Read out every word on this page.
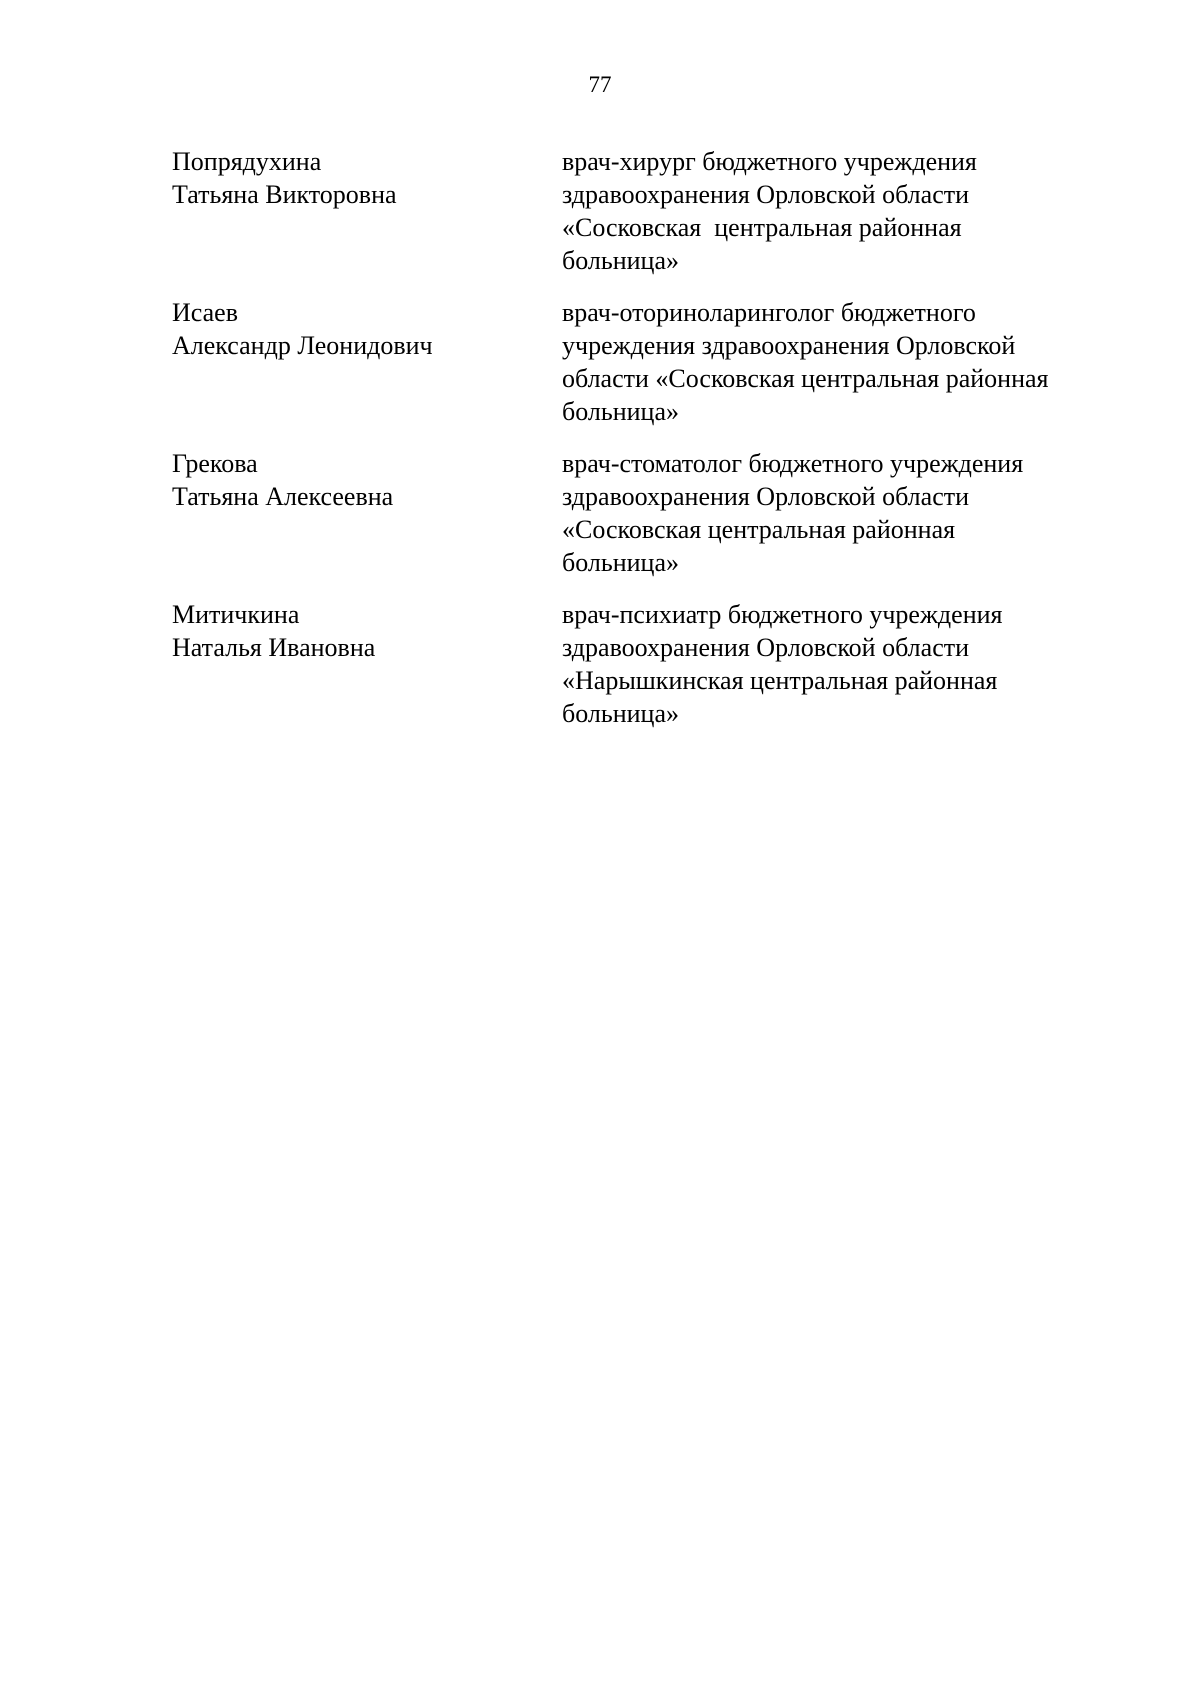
77
Попрядухина
Татьяна Викторовна
врач-хирург бюджетного учреждения
здравоохранения Орловской области
«Сосковская  центральная районная
больница»
Исаев
Александр Леонидович
врач-оториноларинголог бюджетного
учреждения здравоохранения Орловской
области «Сосковская центральная районная
больница»
Грекова
Татьяна Алексеевна
врач-стоматолог бюджетного учреждения
здравоохранения Орловской области
«Сосковская центральная районная
больница»
Митичкина
Наталья Ивановна
врач-психиатр бюджетного учреждения
здравоохранения Орловской области
«Нарышкинская центральная районная
больница»
